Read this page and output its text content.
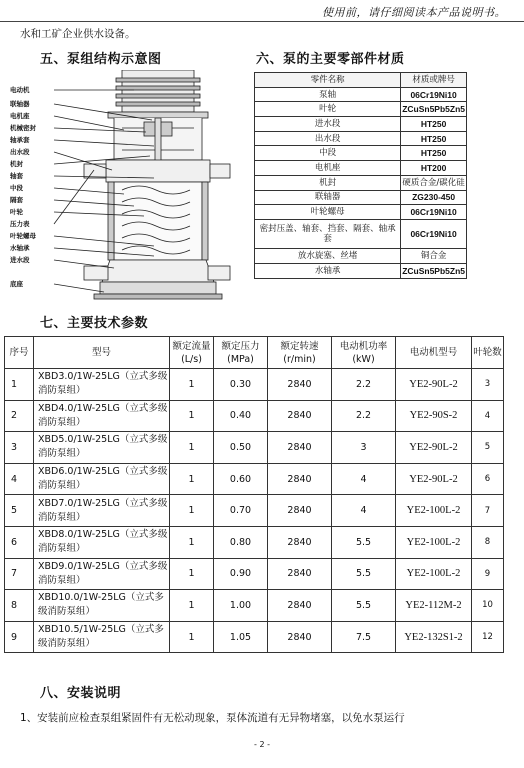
使用前，请仔细阅读本产品说明书。
水和工矿企业供水设备。
五、泵组结构示意图	六、泵的主要零部件材质
电动机
联轴器
电机座
机械密封
轴承套
出水段
机封
轴套
中段
隔套
叶轮
压力表
叶轮螺母
水轴承
进水段
底座
零件名称	材质或牌号
泵轴	06Cr19Ni10
叶轮	ZCuSn5Pb5Zn5
进水段	HT250
出水段	HT250
中段	HT250
电机座	HT200
机封	硬质合金/碳化硅
联轴器	ZG230-450
叶轮螺母	06Cr19Ni10
密封压盖、轴套、挡套、隔套、轴承套	06Cr19Ni10
放水旋塞、丝堵	铜合金
水轴承	ZCuSn5Pb5Zn5
七、主要技术参数
序号	型号	额定流量(L/s)	额定压力(MPa)	额定转速(r/min)	电动机功率(kW)	电动机型号	叶轮数
1	XBD3.0/1W-25LG（立式多级消防泵组）	1	0.30	2840	2.2	YE2-90L-2	3
2	XBD4.0/1W-25LG（立式多级消防泵组）	1	0.40	2840	2.2	YE2-90S-2	4
3	XBD5.0/1W-25LG（立式多级消防泵组）	1	0.50	2840	3	YE2-90L-2	5
4	XBD6.0/1W-25LG（立式多级消防泵组）	1	0.60	2840	4	YE2-90L-2	6
5	XBD7.0/1W-25LG（立式多级消防泵组）	1	0.70	2840	4	YE2-100L-2	7
6	XBD8.0/1W-25LG（立式多级消防泵组）	1	0.80	2840	5.5	YE2-100L-2	8
7	XBD9.0/1W-25LG（立式多级消防泵组）	1	0.90	2840	5.5	YE2-100L-2	9
8	XBD10.0/1W-25LG（立式多级消防泵组）	1	1.00	2840	5.5	YE2-112M-2	10
9	XBD10.5/1W-25LG（立式多级消防泵组）	1	1.05	2840	7.5	YE2-132S1-2	12
八、安装说明
1、安装前应检查泵组紧固件有无松动现象，泵体流道有无异物堵塞，以免水泵运行
- 2 -
